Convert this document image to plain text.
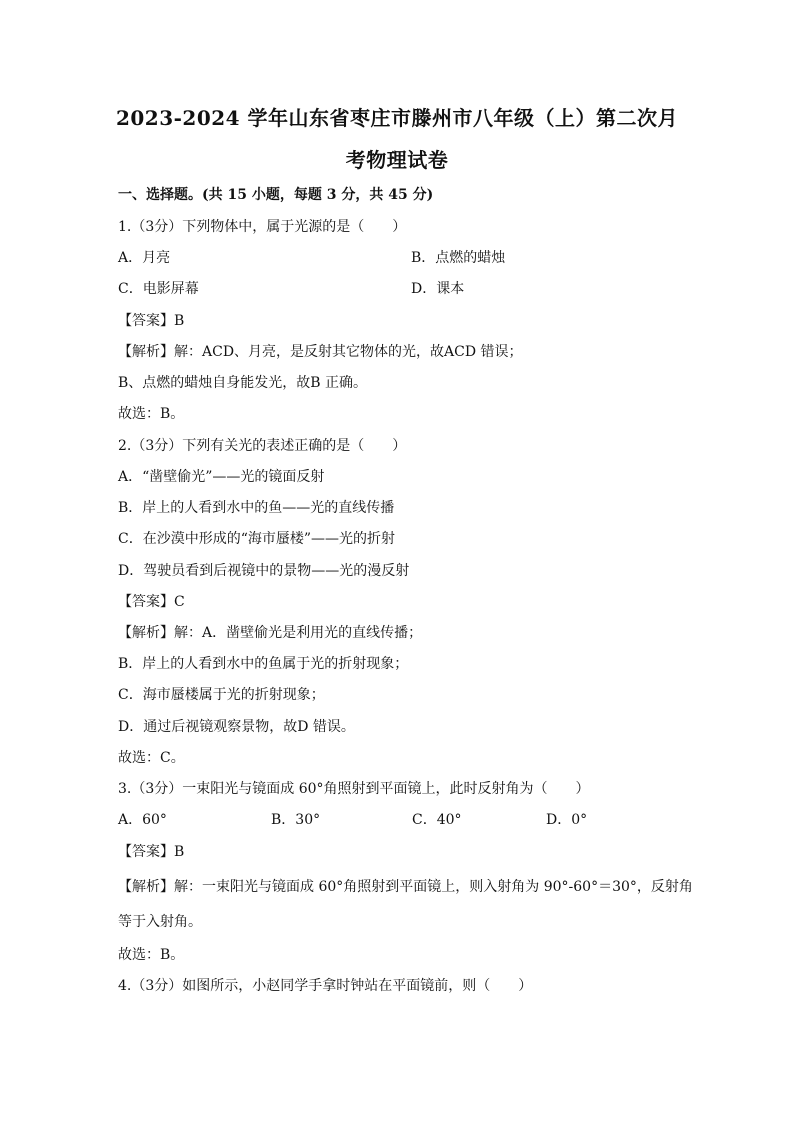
2023-2024 学年山东省枣庄市滕州市八年级（上）第二次月
考物理试卷
一、选择题。(共 15 小题，每题 3 分，共 45 分)
1.（3分）下列物体中，属于光源的是（　　）
A．月亮	B．点燃的蜡烛
C．电影屏幕	D．课本
【答案】B
【解析】解：ACD、月亮，是反射其它物体的光，故ACD 错误；
B、点燃的蜡烛自身能发光，故B 正确。
故选：B。
2.（3分）下列有关光的表述正确的是（　　）
A．“凿壁偷光”——光的镜面反射
B．岸上的人看到水中的鱼——光的直线传播
C．在沙漠中形成的“海市蜃楼”——光的折射
D．驾驶员看到后视镜中的景物——光的漫反射
【答案】C
【解析】解：A．凿壁偷光是利用光的直线传播；
B．岸上的人看到水中的鱼属于光的折射现象；
C．海市蜃楼属于光的折射现象；
D．通过后视镜观察景物，故D 错误。
故选：C。
3.（3分）一束阳光与镜面成 60°角照射到平面镜上，此时反射角为（　　）
A．60°	B．30°	C．40°	D．0°
【答案】B
【解析】解：一束阳光与镜面成 60°角照射到平面镜上，则入射角为 90°-60°＝30°，反射角
等于入射角。
故选：B。
4.（3分）如图所示，小赵同学手拿时钟站在平面镜前，则（　　）
